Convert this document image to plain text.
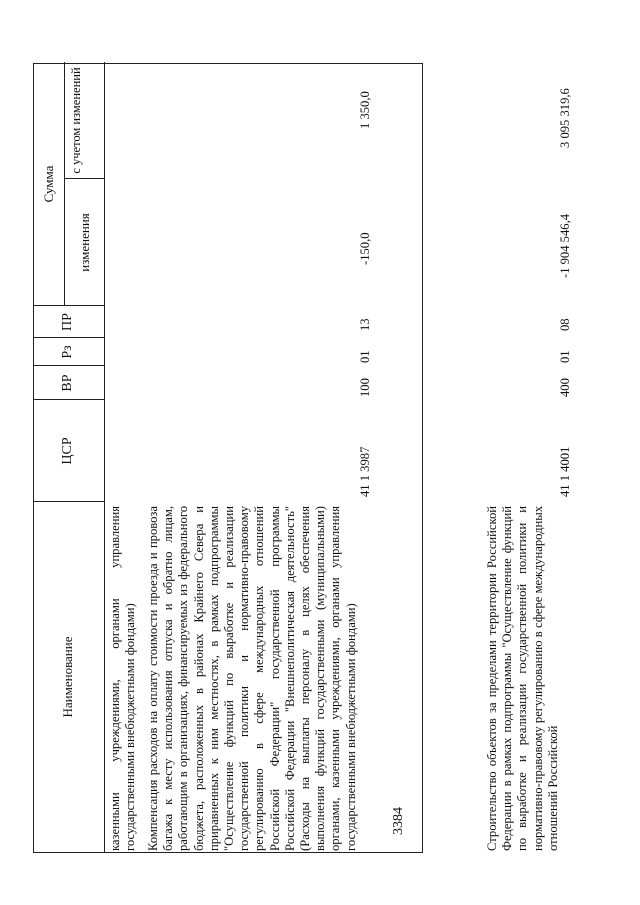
3384
Наименование
ЦСР
ВР
Рз
ПР
Сумма
изменения
с учетом изменений
казенными учреждениями, органами управления государственными внебюджетными фондами) Компенсация расходов на оплату стоимости проезда и провоза багажа к месту использования отпуска и обратно лицам, работающим в организациях, финансируемых из федерального бюджета, расположенных в районах Крайнего Севера и приравненных к ним местностях, в рамках подпрограммы "Осуществление функций по выработке и реализации государственной политики и нормативно-правовому регулированию в сфере международных отношений Российской Федерации" государственной программы Российской Федерации "Внешнеполитическая деятельность" (Расходы на выплаты персоналу в целях обеспечения выполнения функций государственными (муниципальными) органами, казенными учреждениями, органами управления государственными внебюджетными фондами)
41 1 3987
100
01
13
-150,0
1 350,0
Строительство объектов за пределами территории Российской Федерации в рамках подпрограммы "Осуществление функций по выработке и реализации государственной политики и нормативно-правовому регулированию в сфере международных отношений Российской
41 1 4001
400
01
08
-1 904 546,4
3 095 319,6
